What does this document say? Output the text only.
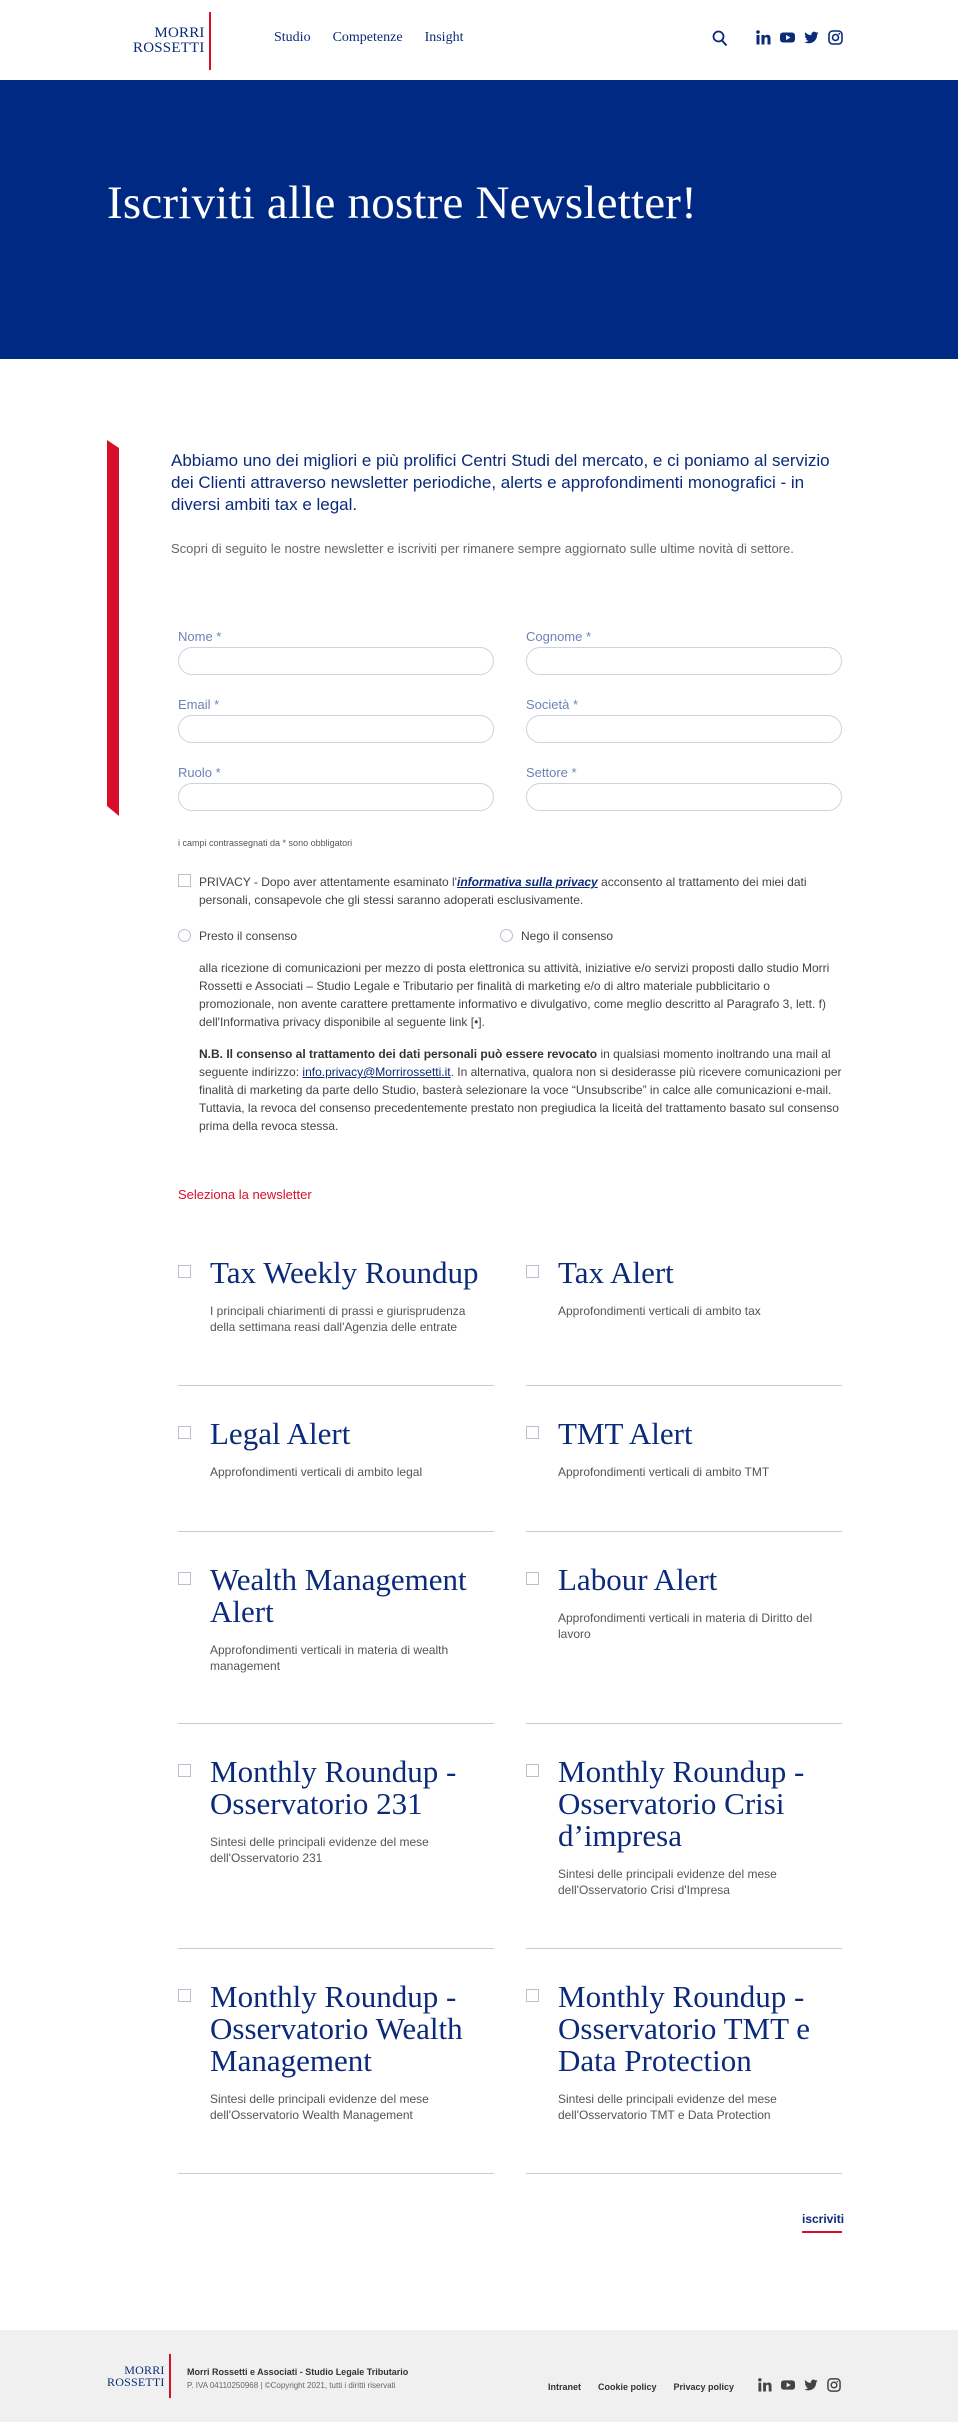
MORRI
ROSSETTI
Studio Competenze Insight
Iscriviti alle nostre Newsletter!

Abbiamo uno dei migliori e più prolifici Centri Studi del mercato, e ci poniamo al servizio dei Clienti attraverso newsletter periodiche, alerts e approfondimenti monografici - in diversi ambiti tax e legal.

Scopri di seguito le nostre newsletter e iscriviti per rimanere sempre aggiornato sulle ultime novità di settore.

Nome *	Cognome *
Email *	Società *
Ruolo *	Settore *

i campi contrassegnati da * sono obbligatori

PRIVACY - Dopo aver attentamente esaminato l'informativa sulla privacy acconsento al trattamento dei miei dati personali, consapevole che gli stessi saranno adoperati esclusivamente.

Presto il consenso	Nego il consenso

alla ricezione di comunicazioni per mezzo di posta elettronica su attività, iniziative e/o servizi proposti dallo studio Morri Rossetti e Associati – Studio Legale e Tributario per finalità di marketing e/o di altro materiale pubblicitario o promozionale, non avente carattere prettamente informativo e divulgativo, come meglio descritto al Paragrafo 3, lett. f) dell'Informativa privacy disponibile al seguente link [•].

N.B. Il consenso al trattamento dei dati personali può essere revocato in qualsiasi momento inoltrando una mail al seguente indirizzo: info.privacy@Morrirossetti.it. In alternativa, qualora non si desiderasse più ricevere comunicazioni per finalità di marketing da parte dello Studio, basterà selezionare la voce “Unsubscribe” in calce alle comunicazioni e-mail. Tuttavia, la revoca del consenso precedentemente prestato non pregiudica la liceità del trattamento basato sul consenso prima della revoca stessa.

Seleziona la newsletter

Tax Weekly Roundup
I principali chiarimenti di prassi e giurisprudenza della settimana reasi dall'Agenzia delle entrate
Tax Alert
Approfondimenti verticali di ambito tax
Legal Alert
Approfondimenti verticali di ambito legal
TMT Alert
Approfondimenti verticali di ambito TMT
Wealth Management Alert
Approfondimenti verticali in materia di wealth management
Labour Alert
Approfondimenti verticali in materia di Diritto del lavoro
Monthly Roundup - Osservatorio 231
Sintesi delle principali evidenze del mese dell'Osservatorio 231
Monthly Roundup - Osservatorio Crisi d’impresa
Sintesi delle principali evidenze del mese dell'Osservatorio Crisi d'Impresa
Monthly Roundup - Osservatorio Wealth Management
Sintesi delle principali evidenze del mese dell'Osservatorio Wealth Management
Monthly Roundup - Osservatorio TMT e Data Protection
Sintesi delle principali evidenze del mese dell'Osservatorio TMT e Data Protection
iscriviti
MORRI
ROSSETTI
Morri Rossetti e Associati - Studio Legale Tributario
P. IVA 04110250968 | ©Copyright 2021, tutti i diritti riservati	Intranet Cookie policy Privacy policy
